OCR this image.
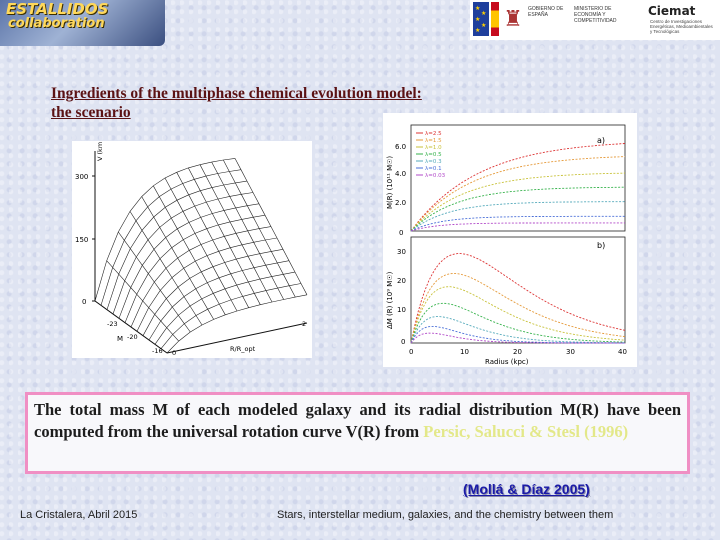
ESTALLIDOS
collaboration
★
★
★
★
★ ♜ GOBIERNO DE ESPAÑA
MINISTERIO DE ECONOMÍA Y COMPETITIVIDAD
Ciemat
Centro de Investigaciones Energéticas, Medioambientales y Tecnológicas
Ingredients of the multiphase chemical evolution model:
the scenario
300
150
0
V (km s⁻¹)
-23
-20
-16
M
2
0	R/R_opt
λ=2.5
λ=1.5
λ=1.0
λ=0.5
λ=0.3
λ=0.1
λ=0.03
a)
b)
6.0
4.0
2.0
0
30
20
10
0
M(R) (10¹¹ M☉)
ΔM (R) (10⁹ M☉)
0	10	20	30	40
Radius (kpc)
The total mass M of each modeled galaxy and its radial distribution M(R) have been computed from the universal rotation curve V(R) from Persic, Salucci & Stesl (1996)
(Mollá & Díaz 2005)
La Cristalera, Abril 2015	Stars, interstellar medium, galaxies, and the chemistry between them
